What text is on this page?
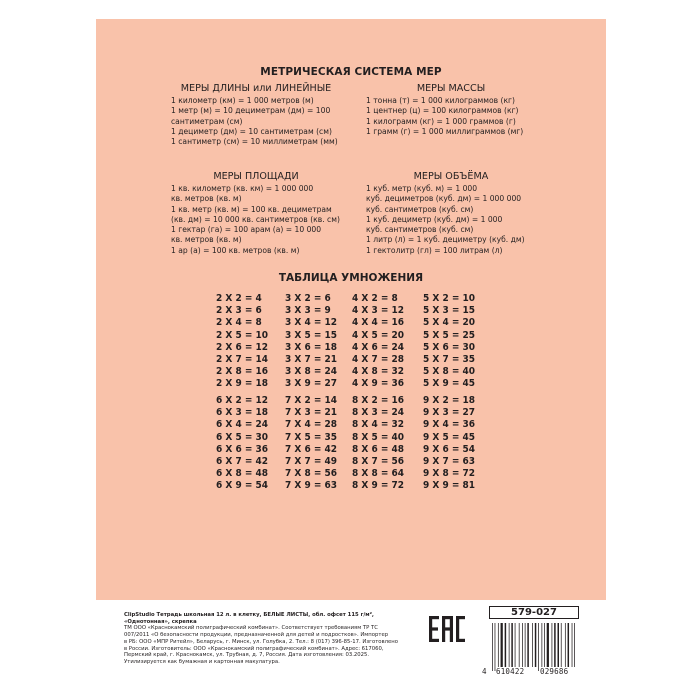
МЕТРИЧЕСКАЯ СИСТЕМА МЕР
МЕРЫ ДЛИНЫ или ЛИНЕЙНЫЕ
1 километр (км) = 1 000 метров (м)
1 метр (м) = 10 дециметрам (дм) = 100
сантиметрам (см)
1 дециметр (дм) = 10 сантиметрам (см)
1 сантиметр (см) = 10 миллиметрам (мм)
МЕРЫ МАССЫ
1 тонна (т) = 1 000 килограммов (кг)
1 центнер (ц) = 100 килограммов (кг)
1 килограмм (кг) = 1 000 граммов (г)
1 грамм (г) = 1 000 миллиграммов (мг)
МЕРЫ ПЛОЩАДИ
1 кв. километр (кв. км) = 1 000 000
кв. метров (кв. м)
1 кв. метр (кв. м) = 100 кв. дециметрам
(кв. дм) = 10 000 кв. сантиметров (кв. см)
1 гектар (га) = 100 арам (а) = 10 000
кв. метров (кв. м)
1 ар (а) = 100 кв. метров (кв. м)
МЕРЫ ОБЪЁМА
1 куб. метр (куб. м) = 1 000
куб. дециметров (куб. дм) = 1 000 000
куб. сантиметров (куб. см)
1 куб. дециметр (куб. дм) = 1 000
куб. сантиметров (куб. см)
1 литр (л) = 1 куб. дециметру (куб. дм)
1 гектолитр (гл) = 100 литрам (л)
ТАБЛИЦА УМНОЖЕНИЯ
2 X 2 = 4
2 X 3 = 6
2 X 4 = 8
2 X 5 = 10
2 X 6 = 12
2 X 7 = 14
2 X 8 = 16
2 X 9 = 18
3 X 2 = 6
3 X 3 = 9
3 X 4 = 12
3 X 5 = 15
3 X 6 = 18
3 X 7 = 21
3 X 8 = 24
3 X 9 = 27
4 X 2 = 8
4 X 3 = 12
4 X 4 = 16
4 X 5 = 20
4 X 6 = 24
4 X 7 = 28
4 X 8 = 32
4 X 9 = 36
5 X 2 = 10
5 X 3 = 15
5 X 4 = 20
5 X 5 = 25
5 X 6 = 30
5 X 7 = 35
5 X 8 = 40
5 X 9 = 45
6 X 2 = 12
6 X 3 = 18
6 X 4 = 24
6 X 5 = 30
6 X 6 = 36
6 X 7 = 42
6 X 8 = 48
6 X 9 = 54
7 X 2 = 14
7 X 3 = 21
7 X 4 = 28
7 X 5 = 35
7 X 6 = 42
7 X 7 = 49
7 X 8 = 56
7 X 9 = 63
8 X 2 = 16
8 X 3 = 24
8 X 4 = 32
8 X 5 = 40
8 X 6 = 48
8 X 7 = 56
8 X 8 = 64
8 X 9 = 72
9 X 2 = 18
9 X 3 = 27
9 X 4 = 36
9 X 5 = 45
9 X 6 = 54
9 X 7 = 63
9 X 8 = 72
9 X 9 = 81
ClipStudio Тетрадь школьная 12 л. в клетку, БЕЛЫЕ ЛИСТЫ, обл. офсет 115 г/м², «Однотонная», скрепка
ТМ ООО «Краснокамский полиграфический комбинат». Соответствует требованиям ТР ТС
007/2011 «О безопасности продукции, предназначенной для детей и подростков». Импортер
в РБ: ООО «МПР Ритейл», Беларусь, г. Минск, ул. Голубка, 2. Тел.: 8 (017) 396-85-17. Изготовлено
в России. Изготовитель: ООО «Краснокамский полиграфический комбинат». Адрес: 617060,
Пермский край, г. Краснокамск, ул. Трубная, д. 7, Россия. Дата изготовления: 03.2025.
Утилизируется как бумажная и картонная макулатура.
579-027
4 610422 029686
